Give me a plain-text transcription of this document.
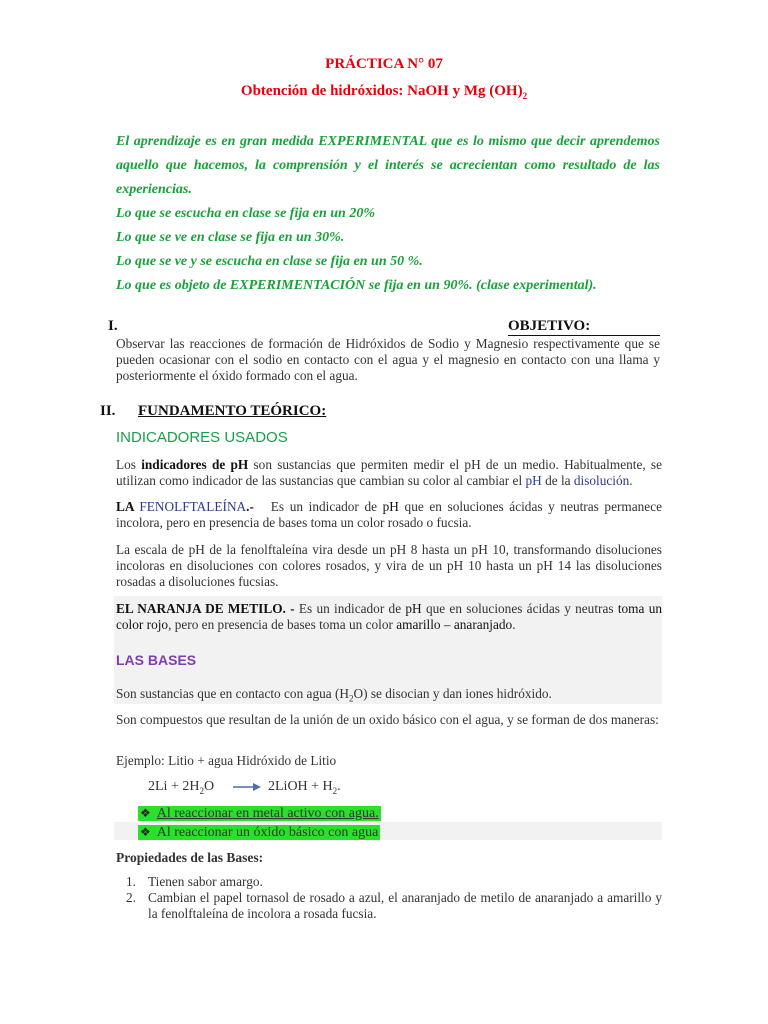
PRÁCTICA N° 07
Obtención de hidróxidos: NaOH y Mg $(OH)_2$
El aprendizaje es en gran medida EXPERIMENTAL que es lo mismo que decir aprendemos
aquello que hacemos, la comprensión y el interés se acrecientan como resultado de las
experiencias.
Lo que se escucha en clase se fija en un 20%
Lo que se ve en clase se fija en un 30%.
Lo que se ve y se escucha en clase se fija en un 50 %.
Lo que es objeto de EXPERIMENTACIÓN se fija en un 90%. (clase experimental).
I.	OBJETIVO:
Observar las reacciones de formación de Hidróxidos de Sodio y Magnesio respectivamente que se pueden ocasionar con el sodio en contacto con el agua y el magnesio en contacto con una llama y posteriormente el óxido formado con el agua.
II. FUNDAMENTO TEÓRICO:
INDICADORES USADOS
Los indicadores de pH son sustancias que permiten medir el pH de un medio. Habitualmente, se utilizan como indicador de las sustancias que cambian su color al cambiar el pH de la disolución.
LA FENOLFTALEÍNA.-   Es un indicador de pH que en soluciones ácidas y neutras permanece incolora, pero en presencia de bases toma un color rosado o fucsia.
La escala de pH de la fenolftaleína vira desde un pH 8 hasta un pH 10, transformando disoluciones incoloras en disoluciones con colores rosados, y vira de un pH 10 hasta un pH 14 las disoluciones rosadas a disoluciones fucsias.
EL NARANJA DE METILO. - Es un indicador de pH que en soluciones ácidas y neutras toma un color rojo, pero en presencia de bases toma un color amarillo – anaranjado.
LAS BASES
Son sustancias que en contacto con agua $(H_2O)$ se disocian y dan iones hidróxido.
Son compuestos que resultan de la unión de un oxido básico con el agua, y se forman de dos maneras:
Ejemplo: Litio + agua Hidróxido de Litio
$2Li + 2H_2O$ → 2LiOH + $H_2$.
❖ Al reaccionar en metal activo con agua.
❖ Al reaccionar un óxido básico con agua
Propiedades de las Bases:
1. Tienen sabor amargo.
2. Cambian el papel tornasol de rosado a azul, el anaranjado de metilo de anaranjado a amarillo y la fenolftaleína de incolora a rosada fucsia.
